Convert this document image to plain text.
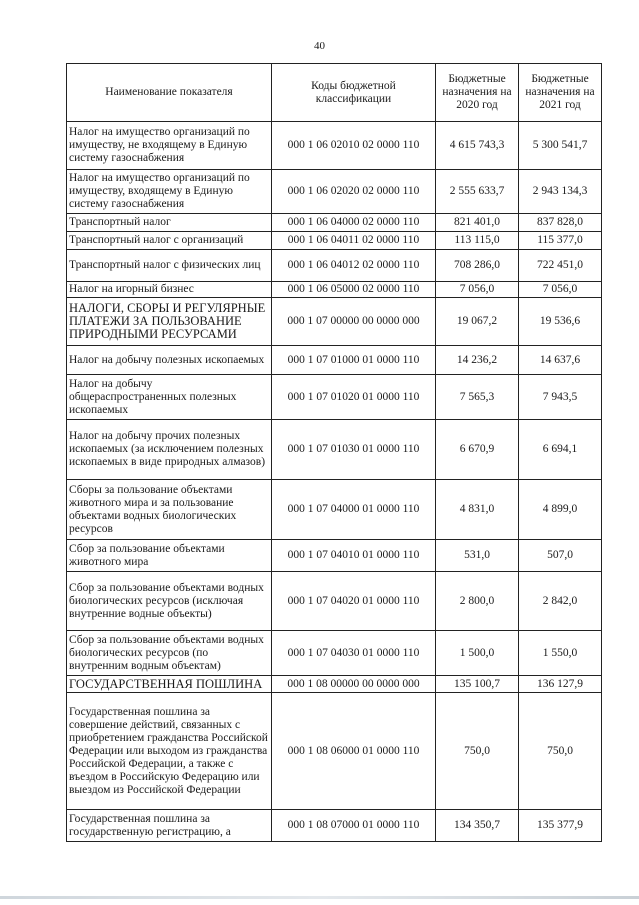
40
Наименование показателя	Коды бюджетной классификации	Бюджетные назначения на 2020 год	Бюджетные назначения на 2021 год
Налог на имущество организаций по имуществу, не входящему в Единую систему газоснабжения	000 1 06 02010 02 0000 110	4 615 743,3	5 300 541,7
Налог на имущество организаций по имуществу, входящему в Единую систему газоснабжения	000 1 06 02020 02 0000 110	2 555 633,7	2 943 134,3
Транспортный налог	000 1 06 04000 02 0000 110	821 401,0	837 828,0
Транспортный налог с организаций	000 1 06 04011 02 0000 110	113 115,0	115 377,0
Транспортный налог с физических лиц	000 1 06 04012 02 0000 110	708 286,0	722 451,0
Налог на игорный бизнес	000 1 06 05000 02 0000 110	7 056,0	7 056,0
НАЛОГИ, СБОРЫ И РЕГУЛЯРНЫЕ ПЛАТЕЖИ ЗА ПОЛЬЗОВАНИЕ ПРИРОДНЫМИ РЕСУРСАМИ	000 1 07 00000 00 0000 000	19 067,2	19 536,6
Налог на добычу полезных ископаемых	000 1 07 01000 01 0000 110	14 236,2	14 637,6
Налог на добычу общераспространенных полезных ископаемых	000 1 07 01020 01 0000 110	7 565,3	7 943,5
Налог на добычу прочих полезных ископаемых (за исключением полезных ископаемых в виде природных алмазов)	000 1 07 01030 01 0000 110	6 670,9	6 694,1
Сборы за пользование объектами животного мира и за пользование объектами водных биологических ресурсов	000 1 07 04000 01 0000 110	4 831,0	4 899,0
Сбор за пользование объектами животного мира	000 1 07 04010 01 0000 110	531,0	507,0
Сбор за пользование объектами водных биологических ресурсов (исключая внутренние водные объекты)	000 1 07 04020 01 0000 110	2 800,0	2 842,0
Сбор за пользование объектами водных биологических ресурсов (по внутренним водным объектам)	000 1 07 04030 01 0000 110	1 500,0	1 550,0
ГОСУДАРСТВЕННАЯ ПОШЛИНА	000 1 08 00000 00 0000 000	135 100,7	136 127,9
Государственная пошлина за совершение действий, связанных с приобретением гражданства Российской Федерации или выходом из гражданства Российской Федерации, а также с въездом в Российскую Федерацию или выездом из Российской Федерации	000 1 08 06000 01 0000 110	750,0	750,0
Государственная пошлина за государственную регистрацию, а	000 1 08 07000 01 0000 110	134 350,7	135 377,9
